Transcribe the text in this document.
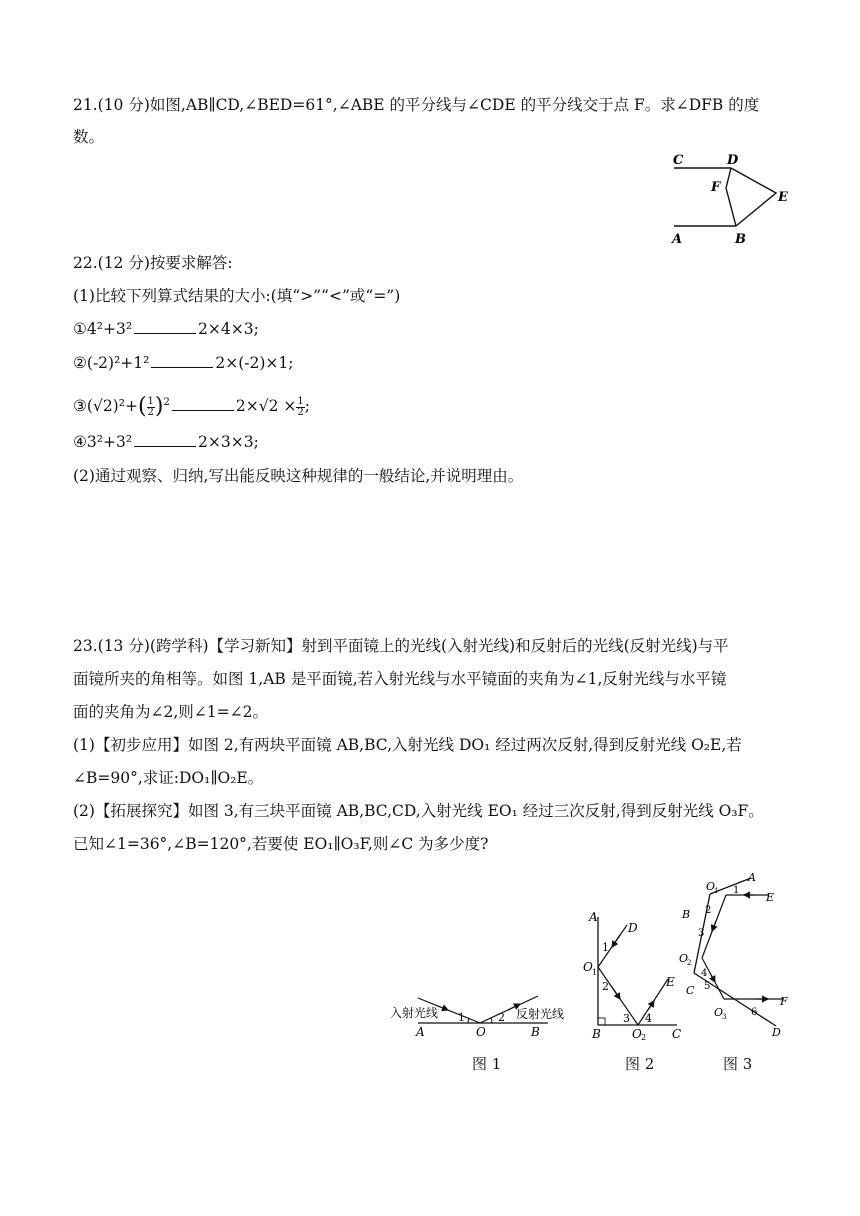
21.(10 分)如图,AB∥CD,∠BED=61°,∠ABE 的平分线与∠CDE 的平分线交于点 F。求∠DFB 的度
数。
C	D
F
E
A	B
22.(12 分)按要求解答:
(1)比较下列算式结果的大小:(填“>”“<”或“=”)
①4²+3²	2×4×3;
②(-2)²+1²	2×(-2)×1;
③(√2)²+( $\frac{1}{2} )^2$	$2\times√2 \times \frac{1}{2}$ ;
④3²+3²	2×3×3;
(2)通过观察、归纳,写出能反映这种规律的一般结论,并说明理由。
23.(13 分)(跨学科)【学习新知】射到平面镜上的光线(入射光线)和反射后的光线(反射光线)与平
面镜所夹的角相等。如图 1,AB 是平面镜,若入射光线与水平镜面的夹角为∠1,反射光线与水平镜
面的夹角为∠2,则∠1=∠2。
(1)【初步应用】如图 2,有两块平面镜 AB,BC,入射光线 DO₁ 经过两次反射,得到反射光线 O₂E,若
∠B=90°,求证:DO₁∥O₂E。
(2)【拓展探究】如图 3,有三块平面镜 AB,BC,CD,入射光线 EO₁ 经过三次反射,得到反射光线 O₃F。
已知∠1=36°,∠B=120°,若要使 EO₁∥O₃F,则∠C 为多少度?
入射光线	反射光线
1	2
A	O	B
A
D
1
O 1
2	E
3 4
B	O 2 C
O
1
A
1
E
B 2
3
O
2
4
C 5
O
3
F
6
D
图 1	图 2	图 3
